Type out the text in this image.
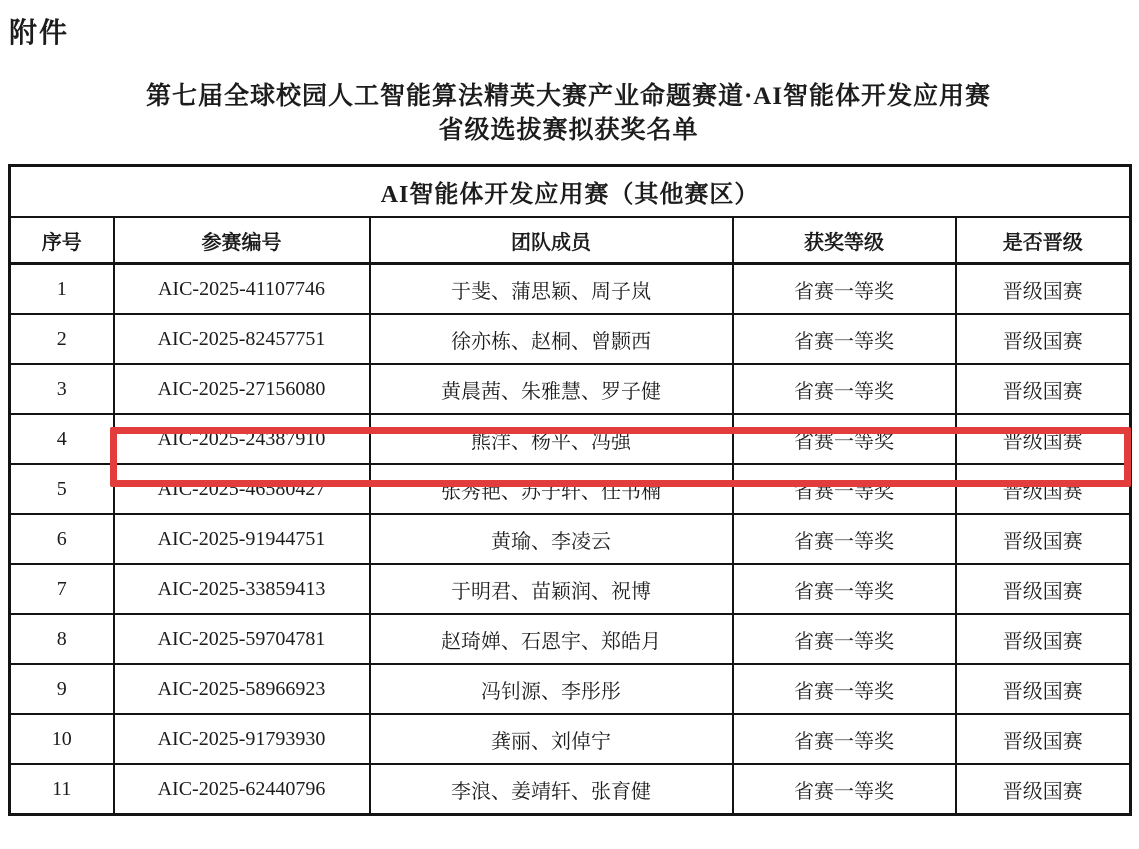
附件
第七届全球校园人工智能算法精英大赛产业命题赛道·AI智能体开发应用赛
省级选拔赛拟获奖名单
AI智能体开发应用赛（其他赛区）				
序号	参赛编号	团队成员	获奖等级	是否晋级
1	AIC-2025-41107746	于斐、蒲思颖、周子岚	省赛一等奖	晋级国赛
2	AIC-2025-82457751	徐亦栋、赵桐、曾颢西	省赛一等奖	晋级国赛
3	AIC-2025-27156080	黄晨茜、朱雅慧、罗子健	省赛一等奖	晋级国赛
4	AIC-2025-24387910	熊洋、杨平、冯强	省赛一等奖	晋级国赛
5	AIC-2025-46580427	张秀艳、苏子轩、任书楠	省赛一等奖	晋级国赛
6	AIC-2025-91944751	黄瑜、李凌云	省赛一等奖	晋级国赛
7	AIC-2025-33859413	于明君、苗颖润、祝博	省赛一等奖	晋级国赛
8	AIC-2025-59704781	赵琦婵、石恩宇、郑皓月	省赛一等奖	晋级国赛
9	AIC-2025-58966923	冯钊源、李彤彤	省赛一等奖	晋级国赛
10	AIC-2025-91793930	龚丽、刘倬宁	省赛一等奖	晋级国赛
11	AIC-2025-62440796	李浪、姜靖轩、张育健	省赛一等奖	晋级国赛
